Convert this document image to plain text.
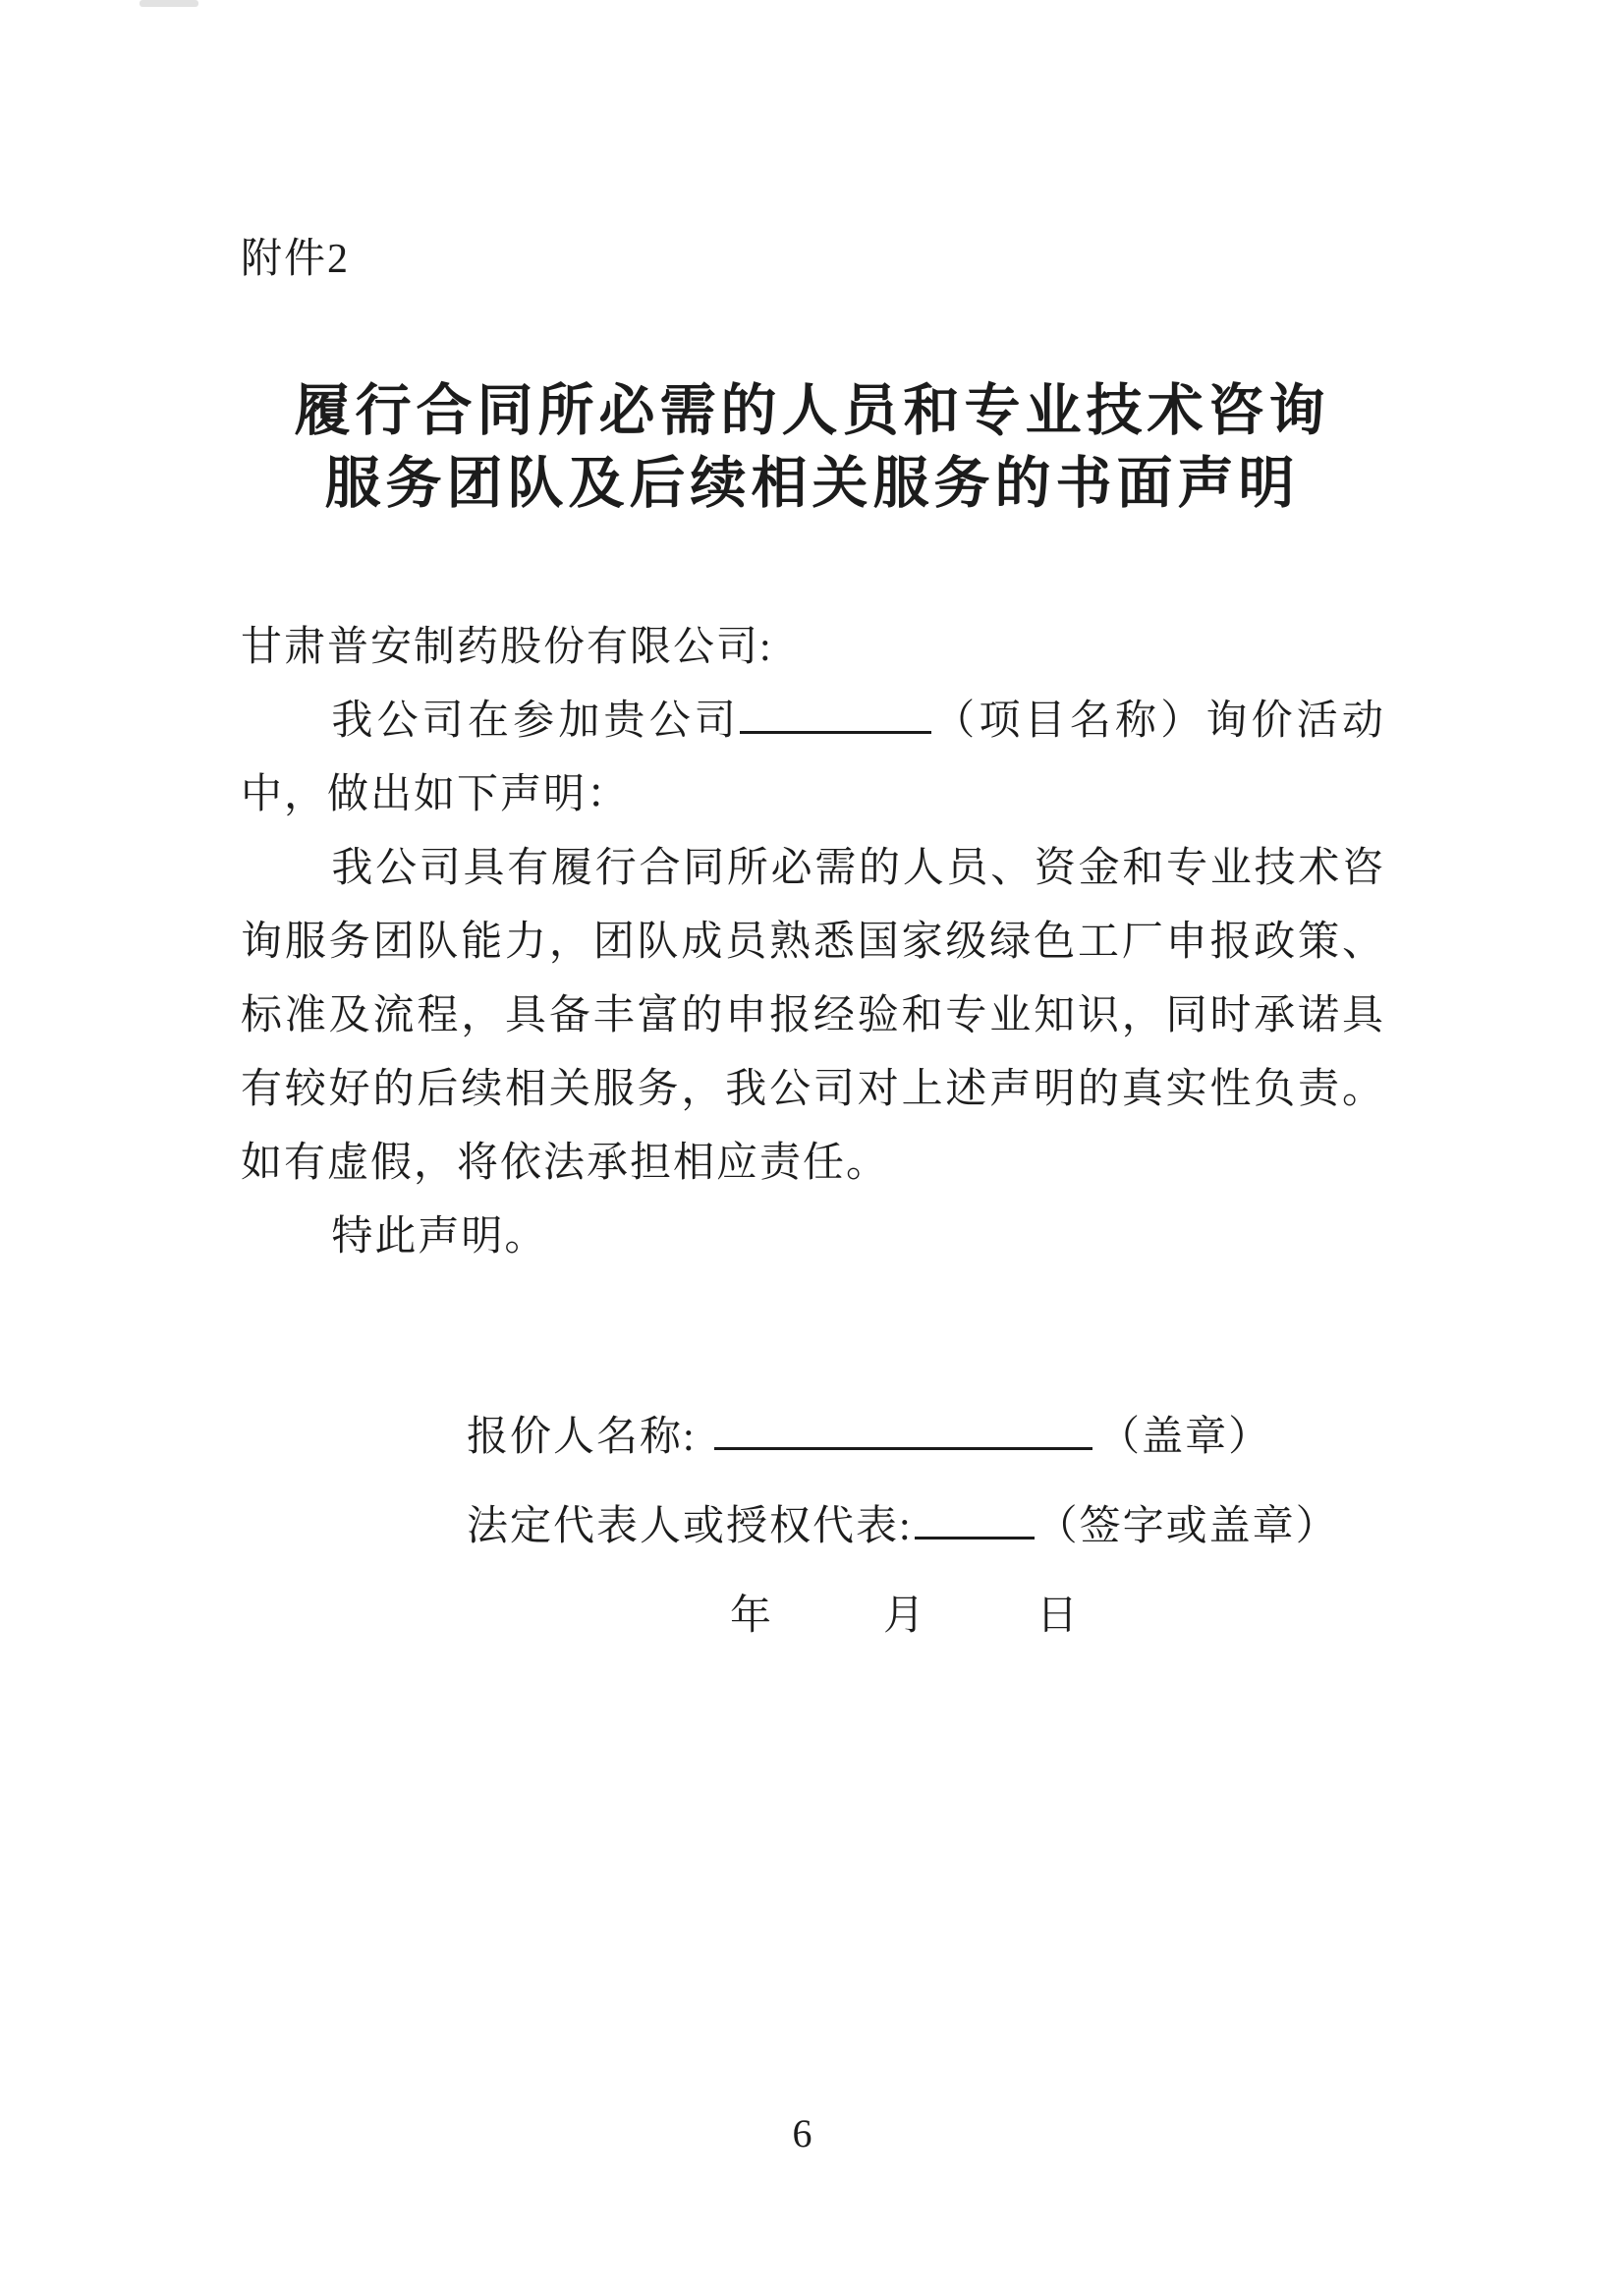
附件2
履行合同所必需的人员和专业技术咨询
服务团队及后续相关服务的书面声明
甘肃普安制药股份有限公司:
我公司在参加贵公司	（项目名称）询价活动
中，做出如下声明：
我公司具有履行合同所必需的人员、资金和专业技术咨
询服务团队能力，团队成员熟悉国家级绿色工厂申报政策、
标准及流程，具备丰富的申报经验和专业知识，同时承诺具
有较好的后续相关服务，我公司对上述声明的真实性负责。
如有虚假，将依法承担相应责任。
特此声明。
报价人名称:	（盖章）
法定代表人或授权代表:	（签字或盖章）
年	月	日
6
